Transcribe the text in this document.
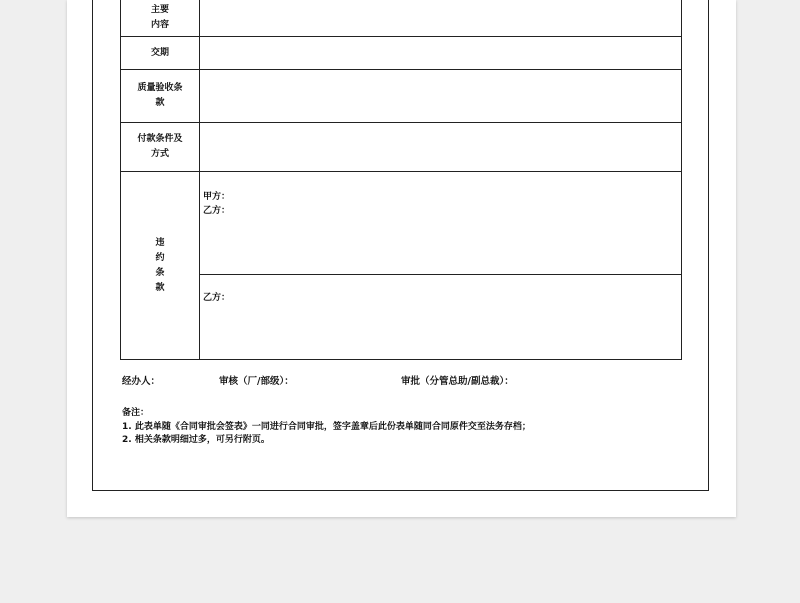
主要内容	
交期	
质量验收条款	
付款条件及方式	
违约条款	甲方：
乙方：

	乙方：
经办人：	审核（厂/部级）：	审批（分管总助/副总裁）：
备注：
1. 此表单随《合同审批会签表》一同进行合同审批，签字盖章后此份表单随同合同原件交至法务存档；
2. 相关条款明细过多，可另行附页。
